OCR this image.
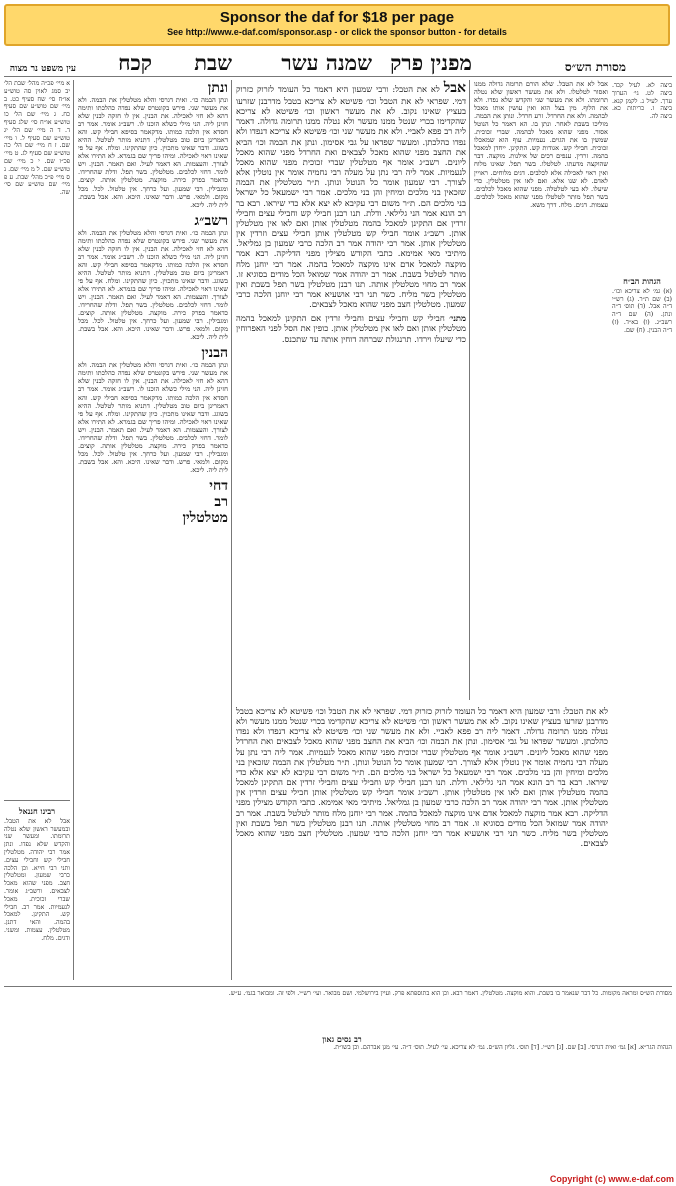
Sponsor the daf for $18 per page
See http://www.e-daf.com/sponsor.asp - or click the sponsor button - for details
מסורת הש״ס
מפנין פרק
שמנה עשר
שבת
קכח
עין משפט נר מצוה

ביצה לא. לעיל קכד. ביצה לט. גי׳ הערוך ערך. לעיל נ. לקמן קנא. ביצה ז. כריתות כא. ביצה לה.

הגהות הב״ח

(א) גמ׳ לא צריכא וכו׳. (ב) שם ת״ר. (ג) רש״י ד״ה אבל. (ד) תוס׳ ד״ה ונתן. (ה) שם ד״ה רשב״ג. (ו) בא״ד. (ז) ד״ה הבנין. (ח) שם.

אבל לא את הטבל. שלא הורם תרומה גדולה ממנו ואסור לטלטלו. ולא את מעשר ראשון שלא נטלה תרומתו. ולא את מעשר שני והקדש שלא נפדו. ולא את הלוף. מין בצל הוא ואין עושין אותו מאכל לבהמה. ולא את החרדל. זרע חרדל. ונותן את הבמה. מוליכו בשבת לאחר. ונתן בו. הא דאמר כל הנוטל אסור. מפני שהוא מאכל לבהמה. שברי זכוכית. שמשין בו את הגוים. נעמיות. עוף הוא שמאכלו זכוכית. חבילי קש. אגודות קש. התקינן. ייחדן למאכל בהמה. זרדין. ענפים רכים של אילנות. מוקצה. דבר שהוקצה מדעתו. לטלטלו. בשר תפל. שאינו מלוח ואין ראוי לאכילה אלא לכלבים. דגים מלוחים. ראויין לאדם. לא שנו אלא. ואם לאו אין מטלטלין. כדי שיעלו. לא בעי לטלטלה. מפני שהוא מאכל לכלבים. בשר תפל מותר לטלטלו מפני שהוא מאכל לכלבים. עצמות. דגים. מלח. דרך משא.

אבל לא את הטבל: ורבי שמעון היא דאמר כל העומד לזרוק כזרוק דמי. שפראי לא את הטבל וכו׳ פשיטא לא צריכא בטבל מדרבנן שזרעו בעציץ שאינו נקוב. לא את מעשר ראשון וכו׳ פשיטא לא צריכא שהקדימו בכרי שנטל ממנו מעשר ולא נטלה ממנו תרומה גדולה. דאמר ליה רב פפא לאביי. ולא את מעשר שני וכו׳ פשיטא לא צריכא דנפדו ולא נפדו כהלכתן. ומעשר שפדאו על גבי אסימון. ונתן את הבמה וכו׳ הביא את החצב מפני שהוא מאכל לצבאים ואת החרדל מפני שהוא מאכל ליונים. רשב״ג אומר אף מטלטלין שברי זכוכית מפני שהוא מאכל לנעמיות. אמר ליה רבי נתן על מעלה רבי נחמיה אומר אין נוטלין אלא לצורך. רבי שמעון אומר כל הנוטל ונותן. ת״ר מטלטלין את הבמה שזכאין בני מלכים ומיחין והן בני מלכים. אמר רבי ישמעאל כל ישראל בני מלכים הם. ת״ר משום רבי עקיבא לא יצא אלא כדי שיראו. רבא בר רב הונא אמר הני גלילאי. ודלת. תנו רבנן חבילי קש וחבילי עצים וחבילי זרדין אם התקינן למאכל בהמה מטלטלין אותן ואם לאו אין מטלטלין אותן. רשב״ג אומר חבילי קש מטלטלין אותן חבילי עצים וזרדין אין מטלטלין אותן. אמר רבי יהודה אמר רב הלכה כרבי שמעון בן גמליאל. מיתיבי מאי אמימא. כתבי הקודש מצילין מפני הדליקה. רבא אמר מוקצה למאכל אדם אינו מוקצה למאכל בהמה. אמר רבי יוחנן מלח מותר לטלטל בשבת. אמר רב יהודה אמר שמואל הכל מודים בסוגיא זו. אמר רב מחוי מטלטלין אותה. תנו רבנן מטלטלין בשר תפל בשבת ואין מטלטלין בשר מליח. כשר תני רבי אושעיא אמר רבי יוחנן הלכה כרבי שמעון. מטלטלין חצב מפני שהוא מאכל לצבאים.

מתני׳ חבילי קש וחבילי עצים וחבילי זרדין אם התקינן למאכל בהמה מטלטלין אותן ואם לאו אין מטלטלין אותן. כופין את הסל לפני האפרוחין כדי שיעלו וירדו. תרנגולת שברחה דוחין אותה עד שתכנס.

לא את הטבל: ורבי שמעון היא דאמר כל העומד לזרוק כזרוק דמי. שפראי לא את הטבל וכו׳ פשיטא לא צריכא בטבל מדרבנן שזרעו בעציץ שאינו נקוב. לא את מעשר ראשון וכו׳ פשיטא לא צריכא שהקדימו בכרי שנטל ממנו מעשר ולא נטלה ממנו תרומה גדולה. דאמר ליה רב פפא לאביי. ולא את מעשר שני וכו׳ פשיטא לא צריכא דנפדו ולא נפדו כהלכתן. ומעשר שפדאו על גבי אסימון. ונתן את הבמה וכו׳ הביא את החצב מפני שהוא מאכל לצבאים ואת החרדל מפני שהוא מאכל ליונים. רשב״ג אומר אף מטלטלין שברי זכוכית מפני שהוא מאכל לנעמיות. אמר ליה רבי נתן על מעלה רבי נחמיה אומר אין נוטלין אלא לצורך. רבי שמעון אומר כל הנוטל ונותן. ת״ר מטלטלין את הבמה שזכאין בני מלכים ומיחין והן בני מלכים. אמר רבי ישמעאל כל ישראל בני מלכים הם. ת״ר משום רבי עקיבא לא יצא אלא כדי שיראו. רבא בר רב הונא אמר הני גלילאי. ודלת. תנו רבנן חבילי קש וחבילי עצים וחבילי זרדין אם התקינן למאכל בהמה מטלטלין אותן ואם לאו אין מטלטלין אותן. רשב״ג אומר חבילי קש מטלטלין אותן חבילי עצים וזרדין אין מטלטלין אותן. אמר רבי יהודה אמר רב הלכה כרבי שמעון בן גמליאל. מיתיבי מאי אמימא. כתבי הקודש מצילין מפני הדליקה. רבא אמר מוקצה למאכל אדם אינו מוקצה למאכל בהמה. אמר רבי יוחנן מלח מותר לטלטל בשבת. אמר רב יהודה אמר שמואל הכל מודים בסוגיא זו. אמר רב מחוי מטלטלין אותה. תנו רבנן מטלטלין בשר תפל בשבת ואין מטלטלין בשר מליח. כשר תני רבי אושעיא אמר רבי יוחנן הלכה כרבי שמעון. מטלטלין חצב מפני שהוא מאכל לצבאים.

ונתן

ונתן הבמה כו׳. ואית דגרסי והלא מטלטלין את הבמה. ולא את מעשר שני. פירש בקונטרס שלא נפדה כהלכתו ותימה דהא לא חזי לאכילה. את הבנין. אין לו חזקה לבנין שלא חזינן ליה. הני מילי כשלא הוכנו לו. רשב״ג אומר. אמר רב חסדא אין הלכה כמותו. מדקאמר בסיפא חבילי קש. והא דאמרינן ביום טוב מטלטלין. דתניא מותר לטלטל. ההיא בשוגג. ודבר שאינו מתכוין. כיון שהתקינו. ומלח. אף על פי שאינו ראוי לאכילה. ומיהו פריך שם בגמרא. לא התירו אלא לצורך. והעצמות. הא דאמר לעיל. ואם תאמר. הבנין. ויש לומר. דחזי לכלבים. מטלטלין. בשר תפל. ודלת שהחרידו. כדאמר בפרק כירה. מוקצה. מטלטלין אותה. קוצים. ומגבילין. רבי שמעון. ועל כרחך. אין טלטול. לכל. מכל מקום. ולמאי. פרש. ודבר שאינו. היכא. והא. אבל בשבת. לית ליה. ליכא.

רשב״ג

ונתן הבמה כו׳. ואית דגרסי והלא מטלטלין את הבמה. ולא את מעשר שני. פירש בקונטרס שלא נפדה כהלכתו ותימה דהא לא חזי לאכילה. את הבנין. אין לו חזקה לבנין שלא חזינן ליה. הני מילי כשלא הוכנו לו. רשב״ג אומר. אמר רב חסדא אין הלכה כמותו. מדקאמר בסיפא חבילי קש. והא דאמרינן ביום טוב מטלטלין. דתניא מותר לטלטל. ההיא בשוגג. ודבר שאינו מתכוין. כיון שהתקינו. ומלח. אף על פי שאינו ראוי לאכילה. ומיהו פריך שם בגמרא. לא התירו אלא לצורך. והעצמות. הא דאמר לעיל. ואם תאמר. הבנין. ויש לומר. דחזי לכלבים. מטלטלין. בשר תפל. ודלת שהחרידו. כדאמר בפרק כירה. מוקצה. מטלטלין אותה. קוצים. ומגבילין. רבי שמעון. ועל כרחך. אין טלטול. לכל. מכל מקום. ולמאי. פרש. ודבר שאינו. היכא. והא. אבל בשבת. לית ליה. ליכא.

הבנין

ונתן הבמה כו׳. ואית דגרסי והלא מטלטלין את הבמה. ולא את מעשר שני. פירש בקונטרס שלא נפדה כהלכתו ותימה דהא לא חזי לאכילה. את הבנין. אין לו חזקה לבנין שלא חזינן ליה. הני מילי כשלא הוכנו לו. רשב״ג אומר. אמר רב חסדא אין הלכה כמותו. מדקאמר בסיפא חבילי קש. והא דאמרינן ביום טוב מטלטלין. דתניא מותר לטלטל. ההיא בשוגג. ודבר שאינו מתכוין. כיון שהתקינו. ומלח. אף על פי שאינו ראוי לאכילה. ומיהו פריך שם בגמרא. לא התירו אלא לצורך. והעצמות. הא דאמר לעיל. ואם תאמר. הבנין. ויש לומר. דחזי לכלבים. מטלטלין. בשר תפל. ודלת שהחרידו. כדאמר בפרק כירה. מוקצה. מטלטלין אותה. קוצים. ומגבילין. רבי שמעון. ועל כרחך. אין טלטול. לכל. מכל מקום. ולמאי. פרש. ודבר שאינו. היכא. והא. אבל בשבת. לית ליה. ליכא.

דחי
רב
מטלטלין

א מיי׳ פכ״ה מהל׳ שבת הל׳ יב סמג לאוין סה טוש״ע או״ח סי׳ שח סעיף כט. ב מיי׳ שם טוש״ע שם סעיף כח. ג מיי׳ שם הל׳ כו טוש״ע או״ח סי׳ שלג סעיף ד. ד ה מיי׳ שם הל׳ יג טוש״ע שם סעיף ל. ו מיי׳ שם. ז ח מיי׳ שם הל׳ כה טוש״ע שם סעיף לג. ט מיי׳ פכ״ו שם. י כ מיי׳ שם טוש״ע שם. ל מ מיי׳ שם. נ ס מיי׳ פ״כ מהל׳ שבת. ע פ מיי׳ שם טוש״ע שם סי׳ שה.

רבינו חננאל

אבל לא את הטבל. ובמעשר ראשון שלא נטלה תרומתו. ומעשר שני והקדש שלא נפדו. ונתן אמר רבי יהודה. מטלטלין חבילי קש וחבילי עצים. ותני רבי חייא. וכן הלכה כרבי שמעון. ומטלטלין חצב. מפני שהוא מאכל לצבאים. ורשב״ג אומר. שברי זכוכית. מאכל לנעמיות. אמר רב. חבילי קש. התקינן. למאכל בהמה. והאי דתנן. מטלטלין. עצמות. ומשני. ודגים. מלח.

מסורת הש״ס ומראה מקומות. כל דבר שנאמר בו בשבת. והוא מוקצה. מטלטלין. דאמר רבא. וכן הוא בתוספתא פרק. ועיין בירושלמי. ושם מבואר. ועי׳ רש״י. ולפי זה. ומבואר בגמ׳. ע״ש.

רב נסים גאון

הגהות הגר״א. [א] גמ׳ ואית דגרסי. [ב] שם. [ג] רש״י. [ד] תוס׳. גליון הש״ס. גמ׳ לא צריכא. עי׳ לעיל. תוס׳ ד״ה. עי׳ מגן אברהם. וכן בשו״ת.

Copyright (c) www.e-daf.com
